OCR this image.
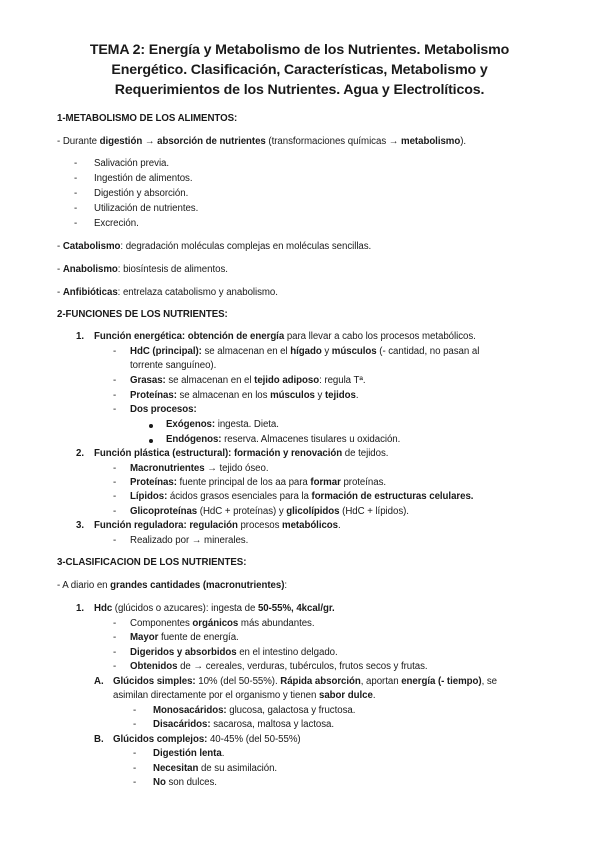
TEMA 2: Energía y Metabolismo de los Nutrientes. Metabolismo
Energético. Clasificación, Características, Metabolismo y
Requerimientos de los Nutrientes. Agua y Electrolíticos.
1-METABOLISMO DE LOS ALIMENTOS:
- Durante digestión → absorción de nutrientes (transformaciones químicas → metabolismo).
- Salivación previa.
- Ingestión de alimentos.
- Digestión y absorción.
- Utilización de nutrientes.
- Excreción.
- Catabolismo: degradación moléculas complejas en moléculas sencillas.
- Anabolismo: biosíntesis de alimentos.
- Anfibióticas: entrelaza catabolismo y anabolismo.
2-FUNCIONES DE LOS NUTRIENTES:
1. Función energética: obtención de energía para llevar a cabo los procesos metabólicos.
- HdC (principal): se almacenan en el hígado y músculos (- cantidad, no pasan al
torrente sanguíneo).
- Grasas: se almacenan en el tejido adiposo: regula Tª.
- Proteínas: se almacenan en los músculos y tejidos.
- Dos procesos:
Exógenos: ingesta. Dieta.
Endógenos: reserva. Almacenes tisulares u oxidación.
2. Función plástica (estructural): formación y renovación de tejidos.
- Macronutrientes → tejido óseo.
- Proteínas: fuente principal de los aa para formar proteínas.
- Lípidos: ácidos grasos esenciales para la formación de estructuras celulares.
- Glicoproteínas (HdC + proteínas) y glicolípidos (HdC + lípidos).
3. Función reguladora: regulación procesos metabólicos.
- Realizado por → minerales.
3-CLASIFICACION DE LOS NUTRIENTES:
- A diario en grandes cantidades (macronutrientes):
1. Hdc (glúcidos o azucares): ingesta de 50-55%, 4kcal/gr.
- Componentes orgánicos más abundantes.
- Mayor fuente de energía.
- Digeridos y absorbidos en el intestino delgado.
- Obtenidos de → cereales, verduras, tubérculos, frutos secos y frutas.
A. Glúcidos simples: 10% (del 50-55%). Rápida absorción, aportan energía (- tiempo), se
asimilan directamente por el organismo y tienen sabor dulce.
- Monosacáridos: glucosa, galactosa y fructosa.
- Disacáridos: sacarosa, maltosa y lactosa.
B. Glúcidos complejos: 40-45% (del 50-55%)
- Digestión lenta.
- Necesitan de su asimilación.
- No son dulces.
